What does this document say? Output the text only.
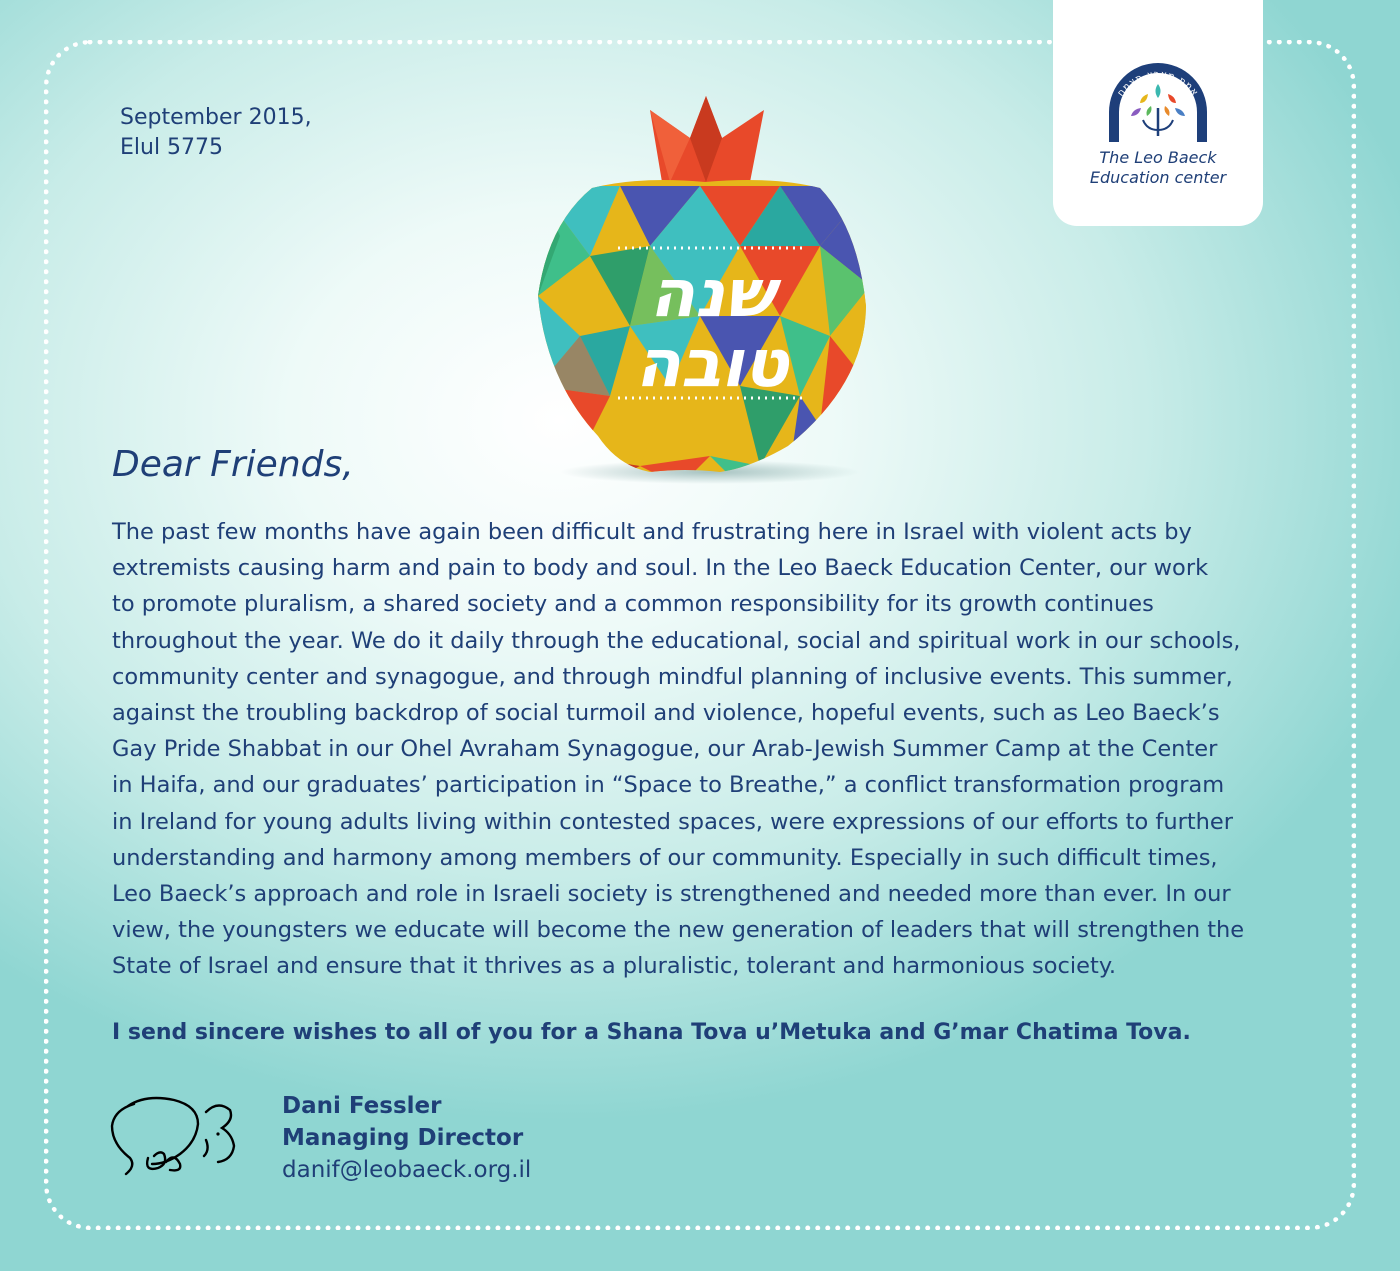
אמת מארץ תצמח
The Leo Baeck
Education center
September 2015,
Elul 5775
שנה
טובה
Dear Friends,
The past few months have again been difficult and frustrating here in Israel with violent acts by
extremists causing harm and pain to body and soul. In the Leo Baeck Education Center, our work
to promote pluralism, a shared society and a common responsibility for its growth continues
throughout the year. We do it daily through the educational, social and spiritual work in our schools,
community center and synagogue, and through mindful planning of inclusive events. This summer,
against the troubling backdrop of social turmoil and violence, hopeful events, such as Leo Baeck’s
Gay Pride Shabbat in our Ohel Avraham Synagogue, our Arab-Jewish Summer Camp at the Center
in Haifa, and our graduates’ participation in “Space to Breathe,” a conflict transformation program
in Ireland for young adults living within contested spaces, were expressions of our efforts to further
understanding and harmony among members of our community. Especially in such difficult times,
Leo Baeck’s approach and role in Israeli society is strengthened and needed more than ever. In our
view, the youngsters we educate will become the new generation of leaders that will strengthen the
State of Israel and ensure that it thrives as a pluralistic, tolerant and harmonious society.
I send sincere wishes to all of you for a Shana Tova u’Metuka and G’mar Chatima Tova.
Dani Fessler
Managing Director
danif@leobaeck.org.il
